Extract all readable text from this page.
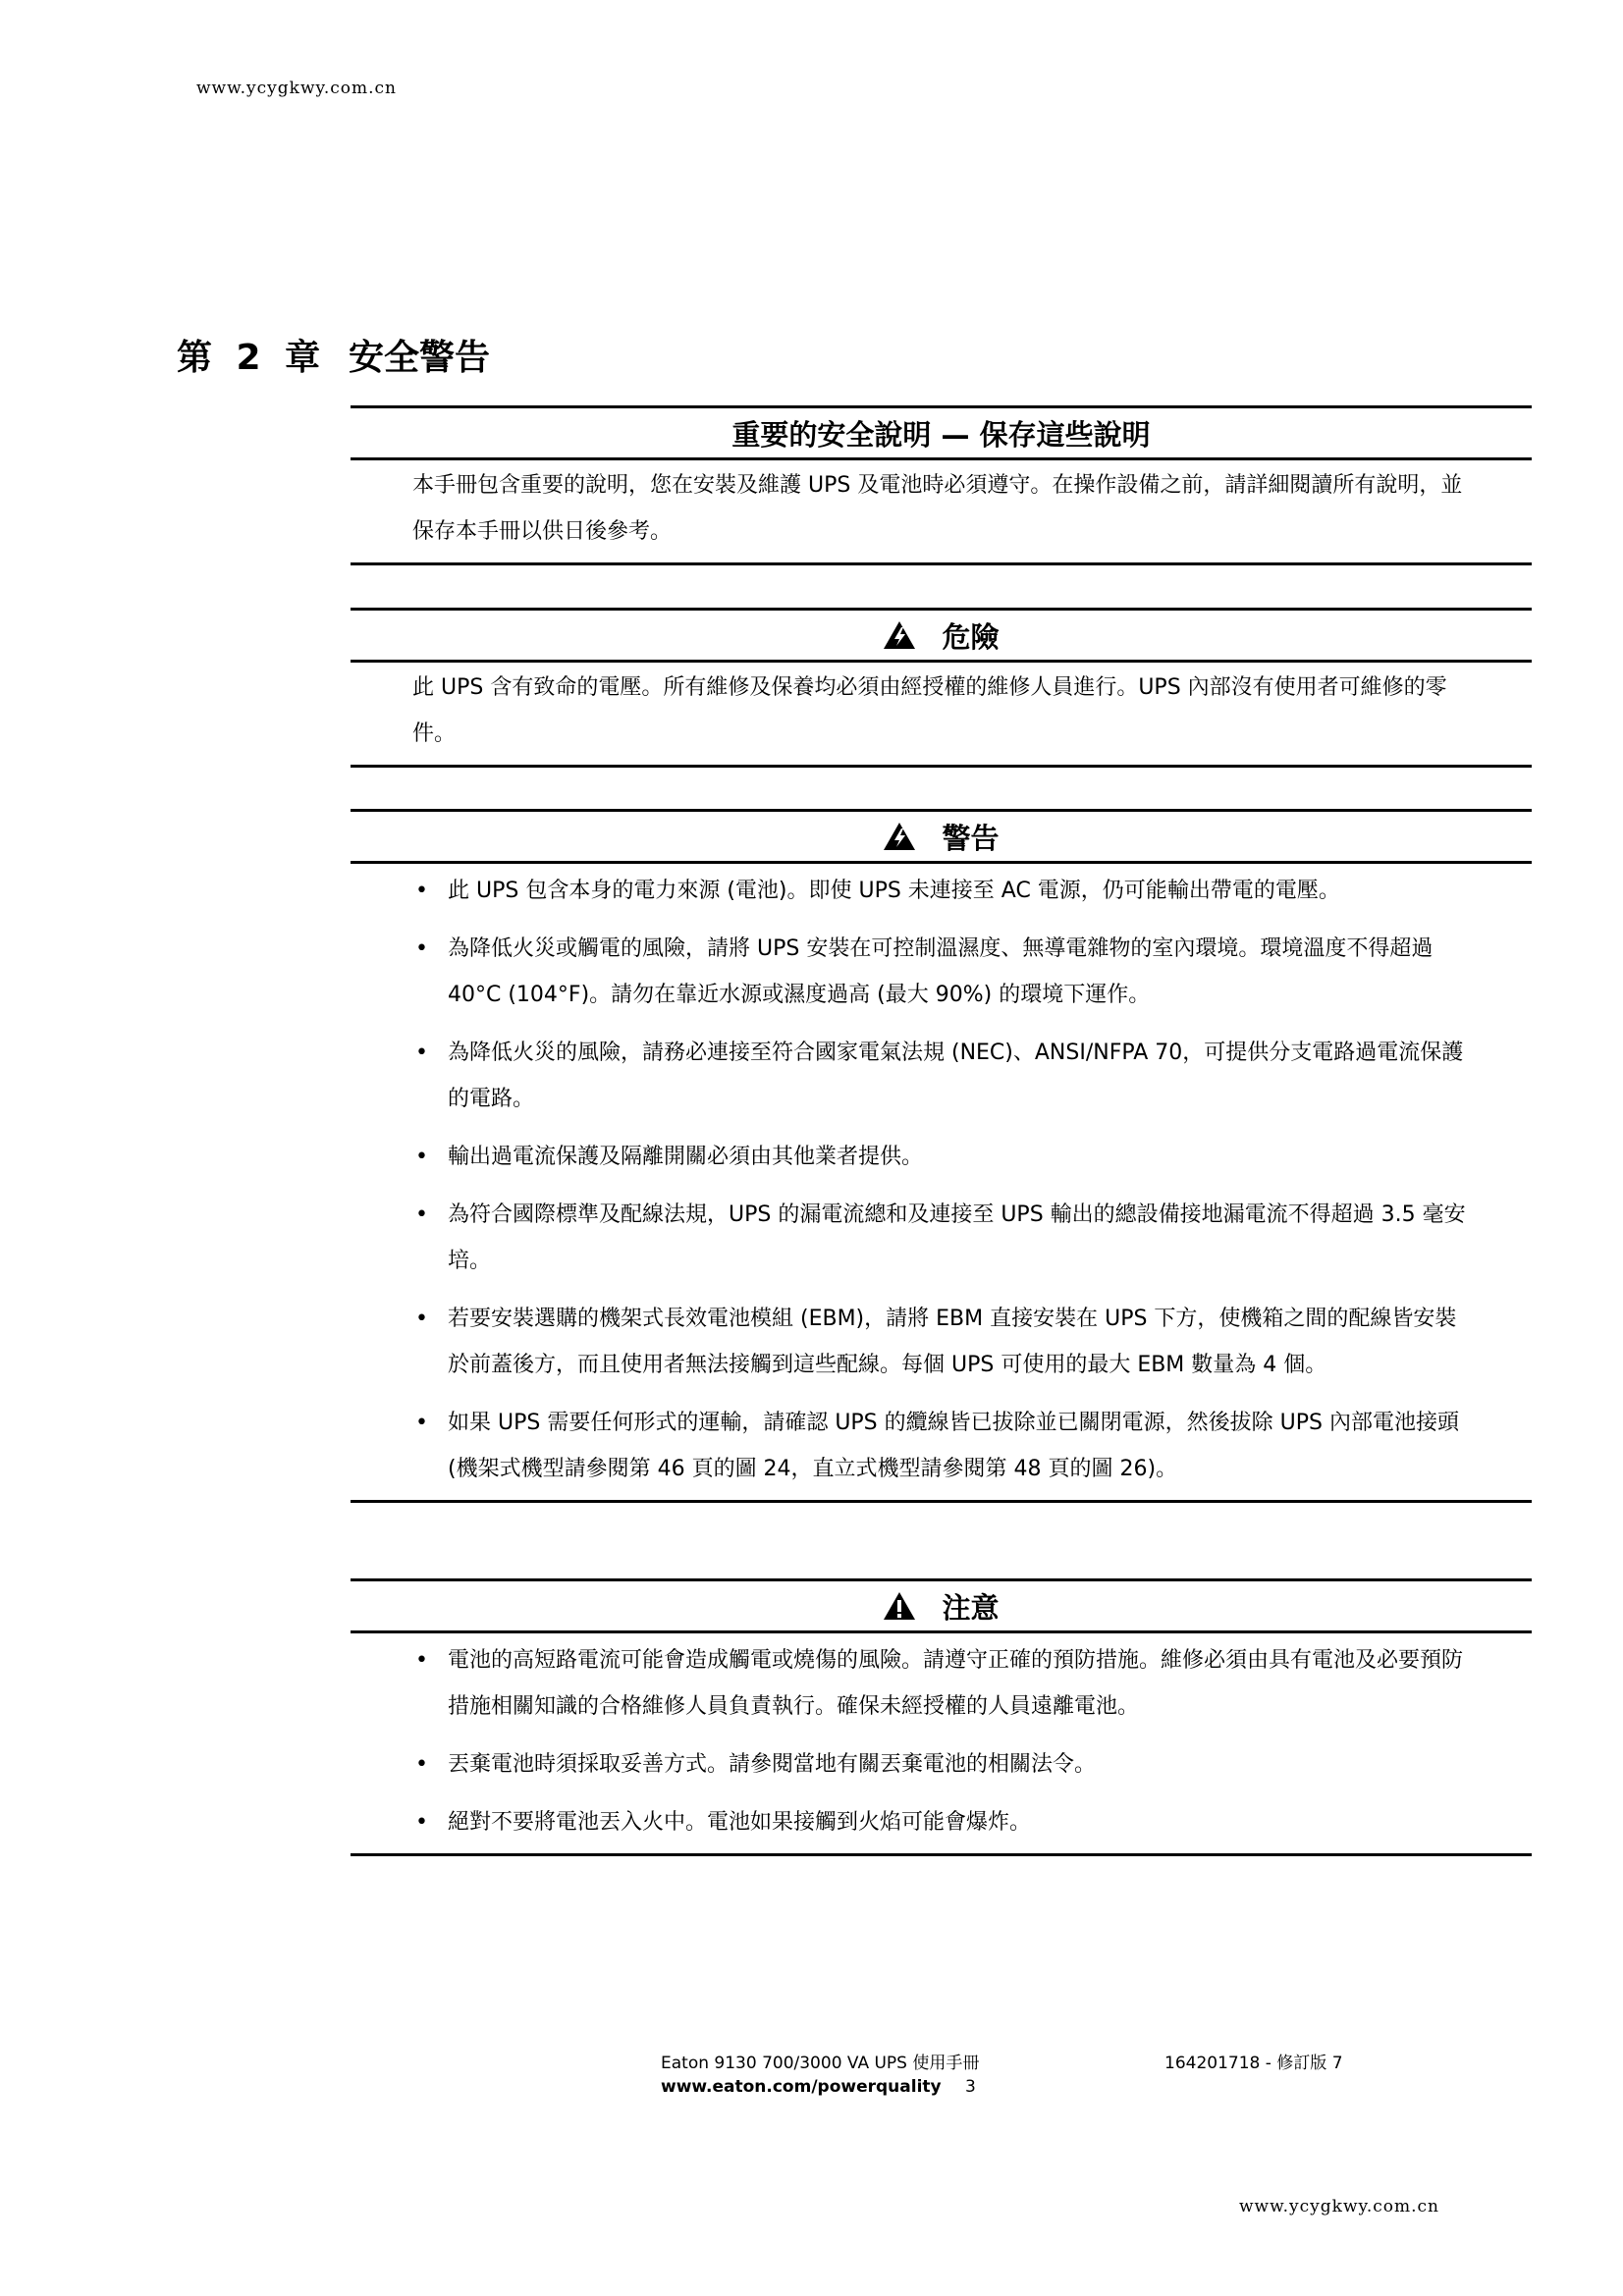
www.ycygkwy.com.cn
第 2 章 安全警告
重要的安全說明 — 保存這些說明
本手冊包含重要的說明，您在安裝及維護 UPS 及電池時必須遵守。在操作設備之前，請詳細閱讀所有說明，並保存本手冊以供日後參考。
危險
此 UPS 含有致命的電壓。所有維修及保養均必須由經授權的維修人員進行。UPS 內部沒有使用者可維修的零件。
警告
• 此 UPS 包含本身的電力來源 (電池)。即使 UPS 未連接至 AC 電源，仍可能輸出帶電的電壓。
• 為降低火災或觸電的風險，請將 UPS 安裝在可控制溫濕度、無導電雜物的室內環境。環境溫度不得超過 40°C (104°F)。請勿在靠近水源或濕度過高 (最大 90%) 的環境下運作。
• 為降低火災的風險，請務必連接至符合國家電氣法規 (NEC)、ANSI/NFPA 70，可提供分支電路過電流保護的電路。
• 輸出過電流保護及隔離開關必須由其他業者提供。
• 為符合國際標準及配線法規，UPS 的漏電流總和及連接至 UPS 輸出的總設備接地漏電流不得超過 3.5 毫安培。
• 若要安裝選購的機架式長效電池模組 (EBM)，請將 EBM 直接安裝在 UPS 下方，使機箱之間的配線皆安裝於前蓋後方，而且使用者無法接觸到這些配線。每個 UPS 可使用的最大 EBM 數量為 4 個。
• 如果 UPS 需要任何形式的運輸，請確認 UPS 的纜線皆已拔除並已關閉電源，然後拔除 UPS 內部電池接頭 (機架式機型請參閱第 46 頁的圖 24，直立式機型請參閱第 48 頁的圖 26)。
注意
• 電池的高短路電流可能會造成觸電或燒傷的風險。請遵守正確的預防措施。維修必須由具有電池及必要預防措施相關知識的合格維修人員負責執行。確保未經授權的人員遠離電池。
• 丟棄電池時須採取妥善方式。請參閱當地有關丟棄電池的相關法令。
• 絕對不要將電池丟入火中。電池如果接觸到火焰可能會爆炸。
Eaton 9130 700/3000 VA UPS 使用手冊	164201718 - 修訂版 7
www.eaton.com/powerquality	3
www.ycygkwy.com.cn
